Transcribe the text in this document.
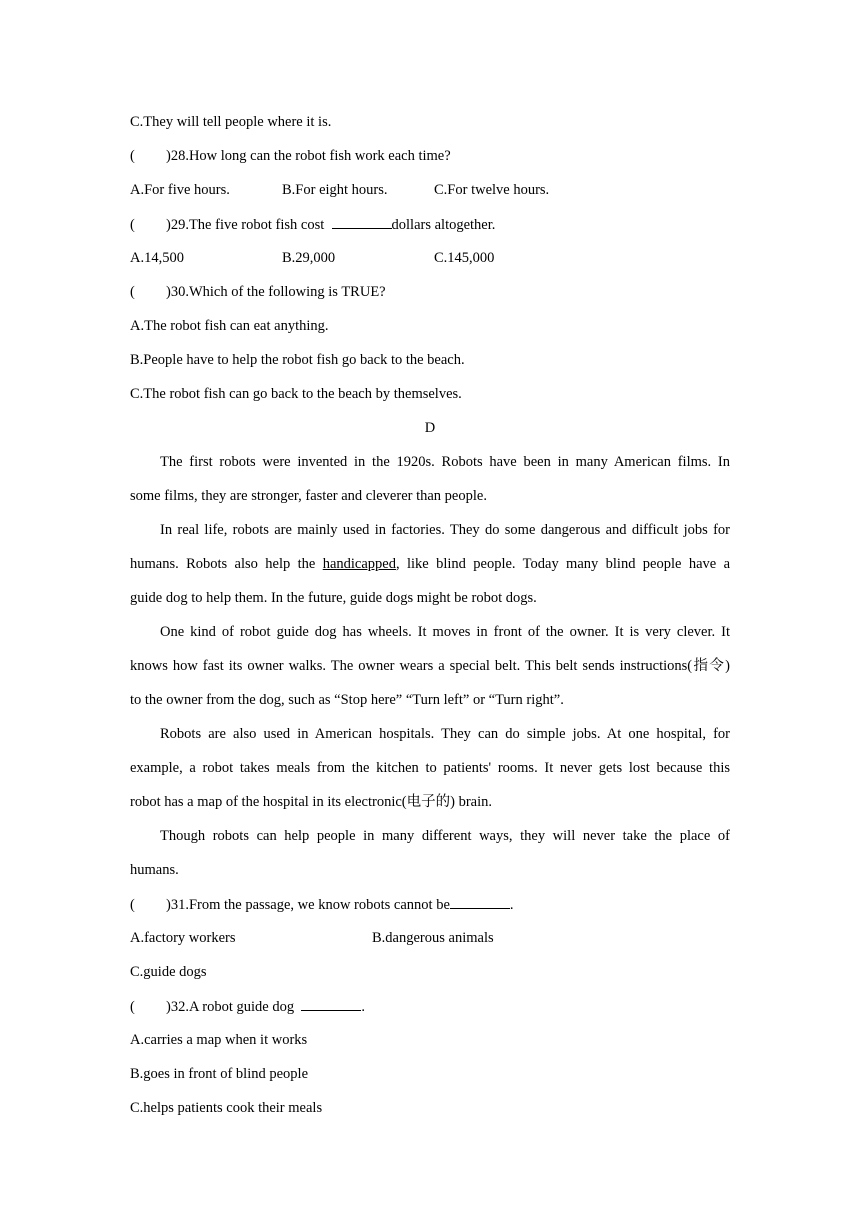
C.They will tell people where it is.
( )28.How long can the robot fish work each time?
A.For five hours.	B.For eight hours.	C.For twelve hours.
( )29.The five robot fish cost	dollars altogether.
A.14,500	B.29,000	C.145,000
( )30.Which of the following is TRUE?
A.The robot fish can eat anything.
B.People have to help the robot fish go back to the beach.
C.The robot fish can go back to the beach by themselves.
D
The first robots were invented in the 1920s. Robots have been in many American films. In
some films, they are stronger, faster and cleverer than people.
In real life, robots are mainly used in factories. They do some dangerous and difficult jobs for
humans. Robots also help the handicapped, like blind people. Today many blind people have a
guide dog to help them. In the future, guide dogs might be robot dogs.
One kind of robot guide dog has wheels. It moves in front of the owner. It is very clever. It
knows how fast its owner walks. The owner wears a special belt. This belt sends instructions(指令)
to the owner from the dog, such as “Stop here” “Turn left” or “Turn right”.
Robots are also used in American hospitals. They can do simple jobs. At one hospital, for
example, a robot takes meals from the kitchen to patients' rooms. It never gets lost because this
robot has a map of the hospital in its electronic(电子的) brain.
Though robots can help people in many different ways, they will never take the place of
humans.
( )31.From the passage, we know robots cannot be	.
A.factory workers	B.dangerous animals
C.guide dogs
( )32.A robot guide dog	.
A.carries a map when it works
B.goes in front of blind people
C.helps patients cook their meals
